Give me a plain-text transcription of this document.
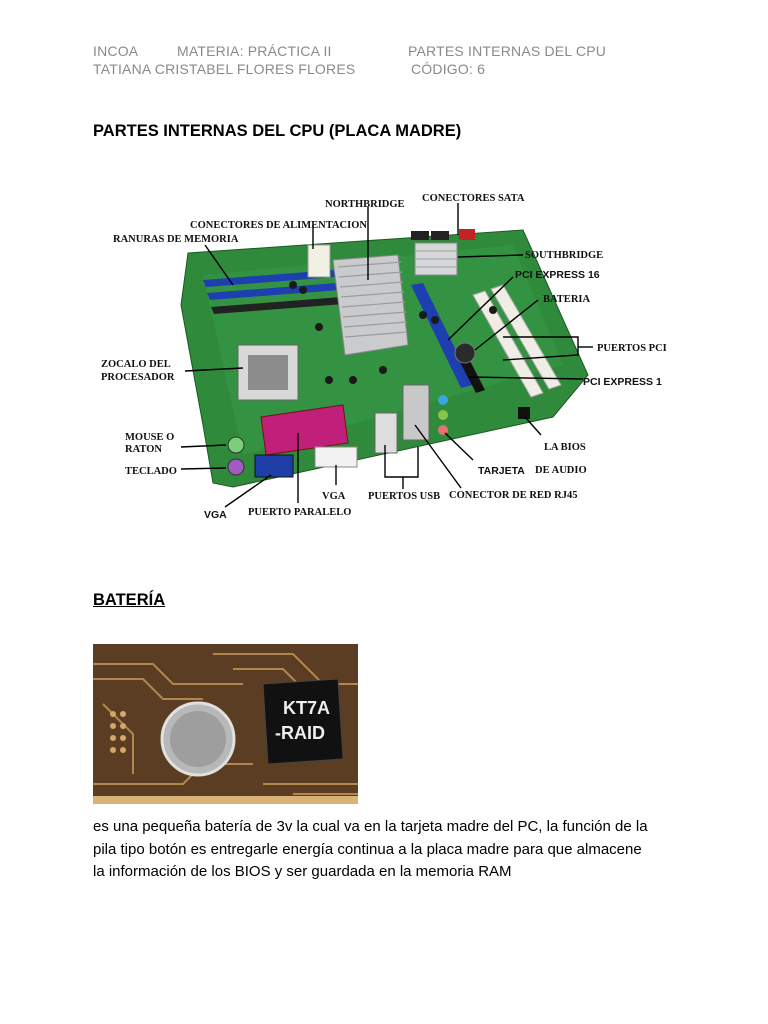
INCOA	MATERIA: PRÁCTICA II	PARTES INTERNAS DEL CPU
TATIANA CRISTABEL FLORES FLORES	CÓDIGO: 6
PARTES INTERNAS DEL CPU (PLACA MADRE)
NORTHBRIDGE
CONECTORES SATA
CONECTORES DE ALIMENTACION
RANURAS DE MEMORIA
SOUTHBRIDGE
PCI EXPRESS 16
BATERIA
PUERTOS PCI
PCI EXPRESS 1
ZOCALO DEL
PROCESADOR
MOUSE O
RATON
TECLADO
LA BIOS
TARJETA DE AUDIO
VGA PUERTO PARALELO
VGA PUERTOS USB CONECTOR DE RED RJ45
BATERÍA
KT7A
-RAID
es una pequeña batería de 3v la cual va en la tarjeta madre del PC, la función de la
pila tipo botón es entregarle energía continua a la placa madre para que almacene
la información de los BIOS y ser guardada en la memoria RAM
